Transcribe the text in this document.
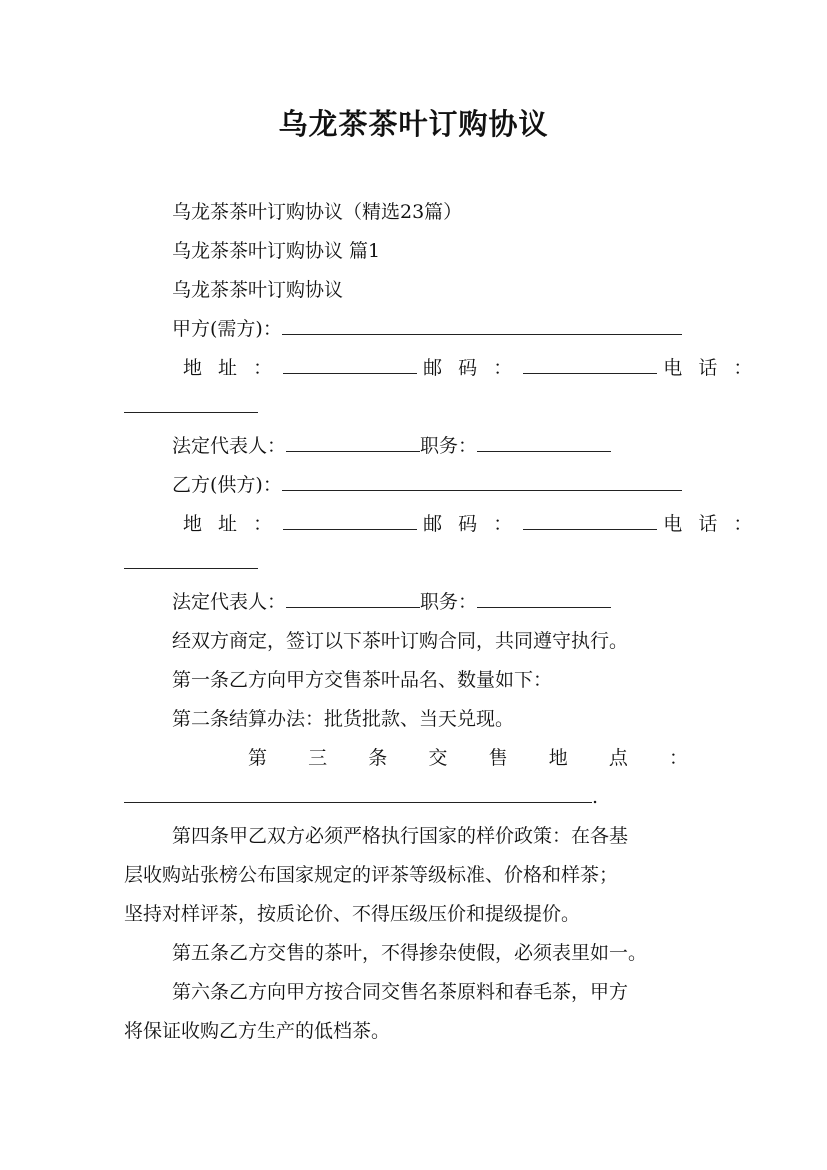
乌龙茶茶叶订购协议
乌龙茶茶叶订购协议（精选23篇）
乌龙茶茶叶订购协议 篇1
乌龙茶茶叶订购协议
甲方(需方)：
地 址 ：	邮 码 ：	电 话 ：
法定代表人：	职务：
乙方(供方)：
地 址 ：	邮 码 ：	电 话 ：
法定代表人：	职务：
经双方商定，签订以下茶叶订购合同，共同遵守执行。
第一条乙方向甲方交售茶叶品名、数量如下：
第二条结算办法：批货批款、当天兑现。
第 三 条 交 售 地 点 ：
.
第四条甲乙双方必须严格执行国家的样价政策：在各基
层收购站张榜公布国家规定的评茶等级标准、价格和样茶；
坚持对样评茶，按质论价、不得压级压价和提级提价。
第五条乙方交售的茶叶，不得掺杂使假，必须表里如一。
第六条乙方向甲方按合同交售名茶原料和春毛茶，甲方
将保证收购乙方生产的低档茶。
